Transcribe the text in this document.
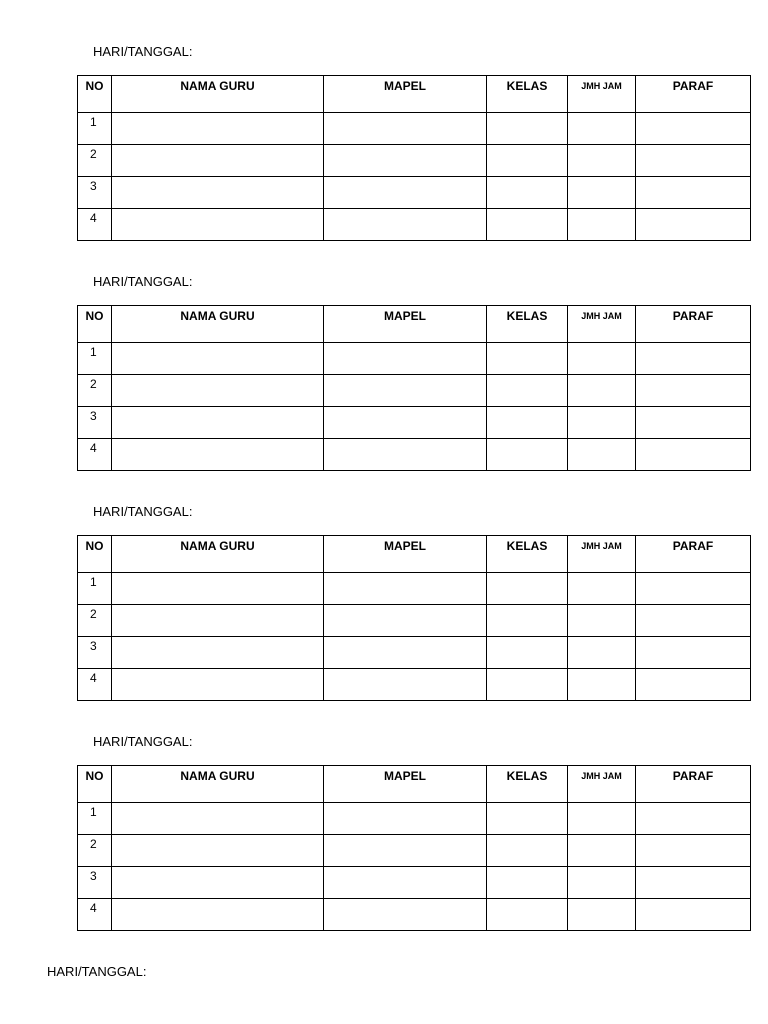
HARI/TANGGAL:
NO	NAMA GURU	MAPEL	KELAS	JMH JAM	PARAF
1					
2					
3					
4					
HARI/TANGGAL:
NO	NAMA GURU	MAPEL	KELAS	JMH JAM	PARAF
1					
2					
3					
4					
HARI/TANGGAL:
NO	NAMA GURU	MAPEL	KELAS	JMH JAM	PARAF
1					
2					
3					
4					
HARI/TANGGAL:
NO	NAMA GURU	MAPEL	KELAS	JMH JAM	PARAF
1					
2					
3					
4					
HARI/TANGGAL:
